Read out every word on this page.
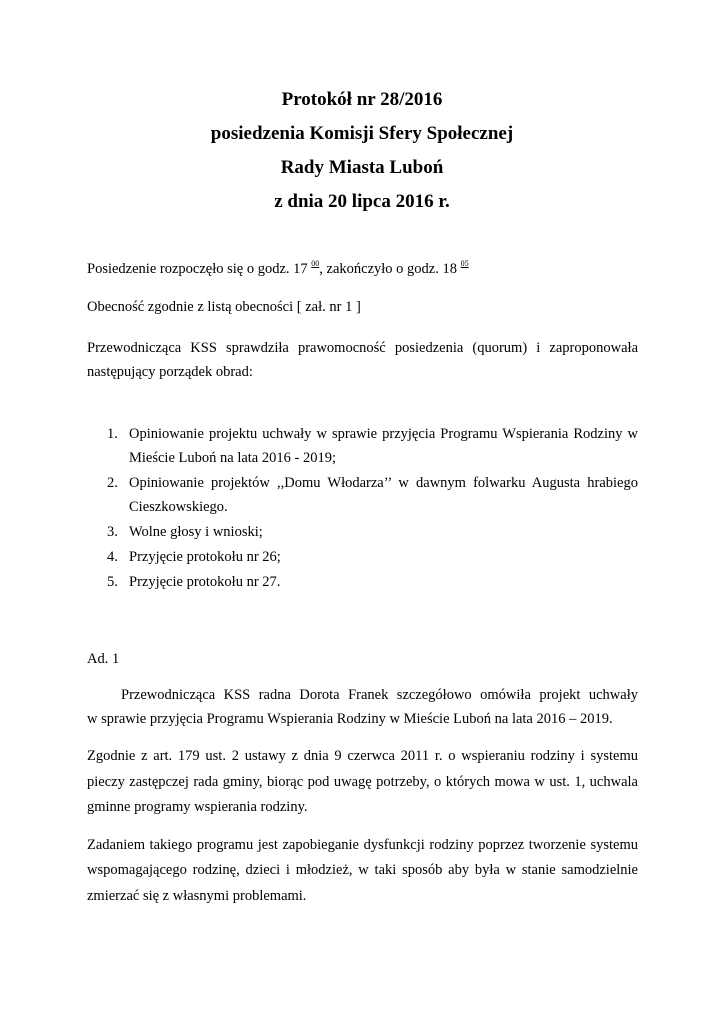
Protokół nr 28/2016
posiedzenia Komisji Sfery Społecznej
Rady Miasta Luboń
z dnia 20 lipca 2016 r.
Posiedzenie rozpoczęło się o godz. 17 $^{00}$, zakończyło o godz. 18 $^{05}$
Obecność zgodnie z listą obecności [ zał. nr 1 ]
Przewodnicząca KSS sprawdziła prawomocność posiedzenia (quorum) i zaproponowała
następujący porządek obrad:
1. Opiniowanie projektu uchwały w sprawie przyjęcia Programu Wspierania Rodziny w
Mieście Luboń na lata 2016 - 2019;
2. Opiniowanie projektów ,,Domu Włodarza’’ w dawnym folwarku Augusta hrabiego
Cieszkowskiego.
3. Wolne głosy i wnioski;
4. Przyjęcie protokołu nr 26;
5. Przyjęcie protokołu nr 27.
Ad. 1
Przewodnicząca KSS radna Dorota Franek szczegółowo omówiła projekt uchwały
w sprawie przyjęcia Programu Wspierania Rodziny w Mieście Luboń na lata 2016 – 2019.
Zgodnie z art. 179 ust. 2 ustawy z dnia 9 czerwca 2011 r. o wspieraniu rodziny i systemu
pieczy zastępczej rada gminy, biorąc pod uwagę potrzeby, o których mowa w ust. 1, uchwala
gminne programy wspierania rodziny.
Zadaniem takiego programu jest zapobieganie dysfunkcji rodziny poprzez tworzenie systemu
wspomagającego rodzinę, dzieci i młodzież, w taki sposób aby była w stanie samodzielnie
zmierzać się z własnymi problemami.
